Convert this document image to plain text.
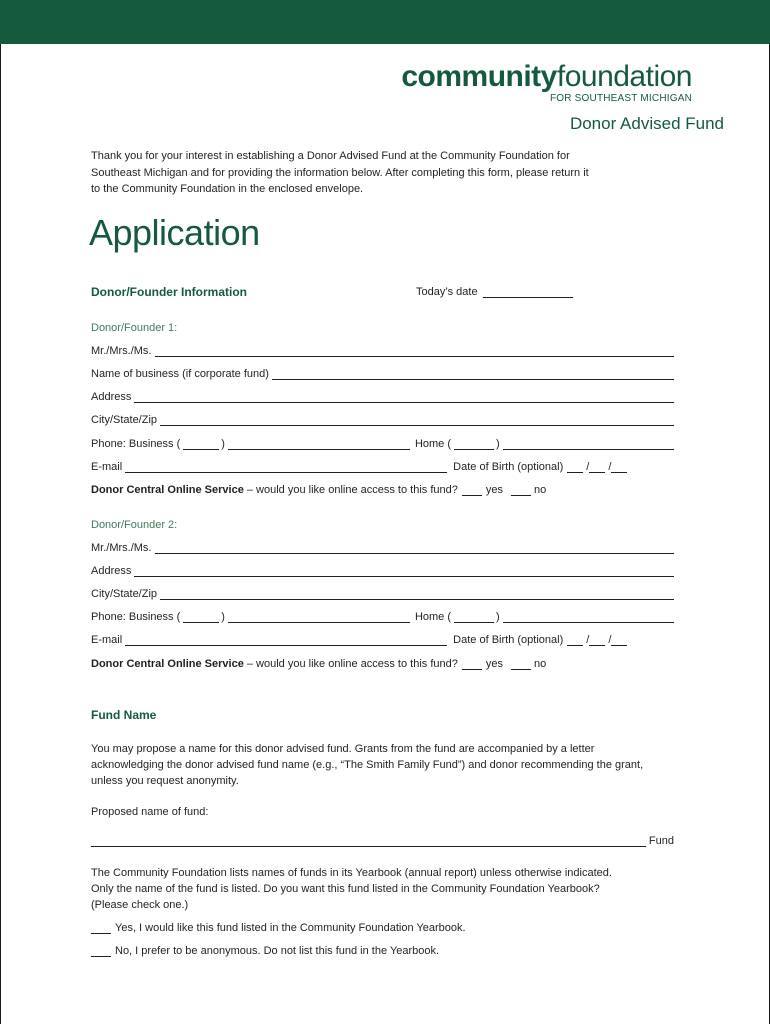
communityfoundation
FOR SOUTHEAST MICHIGAN
Donor Advised Fund
Thank you for your interest in establishing a Donor Advised Fund at the Community Foundation for
Southeast Michigan and for providing the information below. After completing this form, please return it
to the Community Foundation in the enclosed envelope.
Application
Donor/Founder Information	Today’s date
Donor/Founder 1:
Mr./Mrs./Ms.
Name of business (if corporate fund)
Address
City/State/Zip
Phone: Business (	)	Home (	)
E-mail	Date of Birth (optional) / /
Donor Central Online Service – would you like online access to this fund?	yes	no
Donor/Founder 2:
Mr./Mrs./Ms.
Address
City/State/Zip
Phone: Business (	)	Home (	)
E-mail	Date of Birth (optional) / /
Donor Central Online Service – would you like online access to this fund?	yes	no
Fund Name
You may propose a name for this donor advised fund. Grants from the fund are accompanied by a letter
acknowledging the donor advised fund name (e.g., “The Smith Family Fund”) and donor recommending the grant,
unless you request anonymity.
Proposed name of fund:
Fund
The Community Foundation lists names of funds in its Yearbook (annual report) unless otherwise indicated.
Only the name of the fund is listed. Do you want this fund listed in the Community Foundation Yearbook?
(Please check one.)
Yes, I would like this fund listed in the Community Foundation Yearbook.
No, I prefer to be anonymous. Do not list this fund in the Yearbook.
